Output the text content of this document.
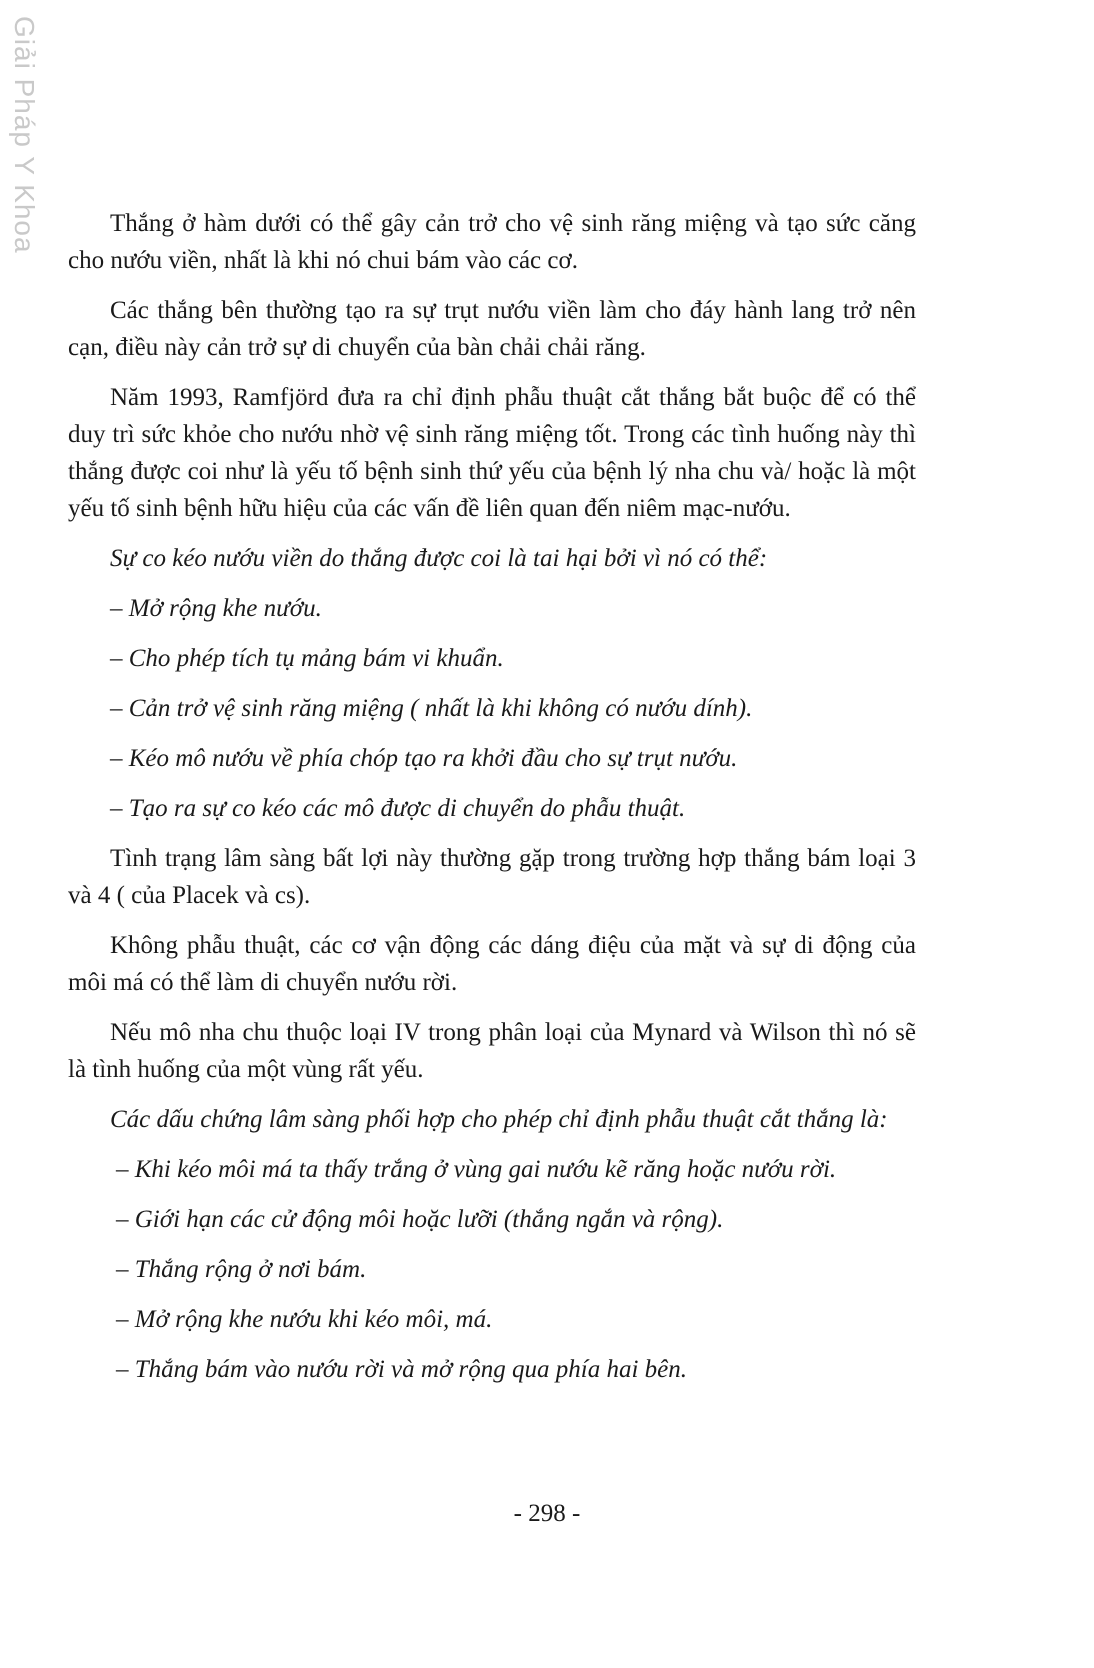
Giải Pháp Y Khoa	Thắng ở hàm dưới có thể gây cản trở cho vệ sinh răng miệng và tạo sức căng cho nướu viền, nhất là khi nó chui bám vào các cơ.

Các thắng bên thường tạo ra sự trụt nướu viền làm cho đáy hành lang trở nên cạn, điều này cản trở sự di chuyển của bàn chải chải răng.

Năm 1993, Ramfjörd đưa ra chỉ định phẫu thuật cắt thắng bắt buộc để có thể duy trì sức khỏe cho nướu nhờ vệ sinh răng miệng tốt. Trong các tình huống này thì thắng được coi như là yếu tố bệnh sinh thứ yếu của bệnh lý nha chu và/ hoặc là một yếu tố sinh bệnh hữu hiệu của các vấn đề liên quan đến niêm mạc-nướu.

Sự co kéo nướu viền do thắng được coi là tai hại bởi vì nó có thể:

– Mở rộng khe nướu.
– Cho phép tích tụ mảng bám vi khuẩn.
– Cản trở vệ sinh răng miệng ( nhất là khi không có nướu dính).
– Kéo mô nướu về phía chóp tạo ra khởi đầu cho sự trụt nướu.
– Tạo ra sự co kéo các mô được di chuyển do phẫu thuật.

Tình trạng lâm sàng bất lợi này thường gặp trong trường hợp thắng bám loại 3 và 4 ( của Placek và cs).

Không phẫu thuật, các cơ vận động các dáng điệu của mặt và sự di động của môi má có thể làm di chuyển nướu rời.

Nếu mô nha chu thuộc loại IV trong phân loại của Mynard và Wilson thì nó sẽ là tình huống của một vùng rất yếu.

Các dấu chứng lâm sàng phối hợp cho phép chỉ định phẫu thuật cắt thắng là:

– Khi kéo môi má ta thấy trắng ở vùng gai nướu kẽ răng hoặc nướu rời.
– Giới hạn các cử động môi hoặc lưỡi (thắng ngắn và rộng).
– Thắng rộng ở nơi bám.
– Mở rộng khe nướu khi kéo môi, má.
– Thắng bám vào nướu rời và mở rộng qua phía hai bên.
- 298 -
